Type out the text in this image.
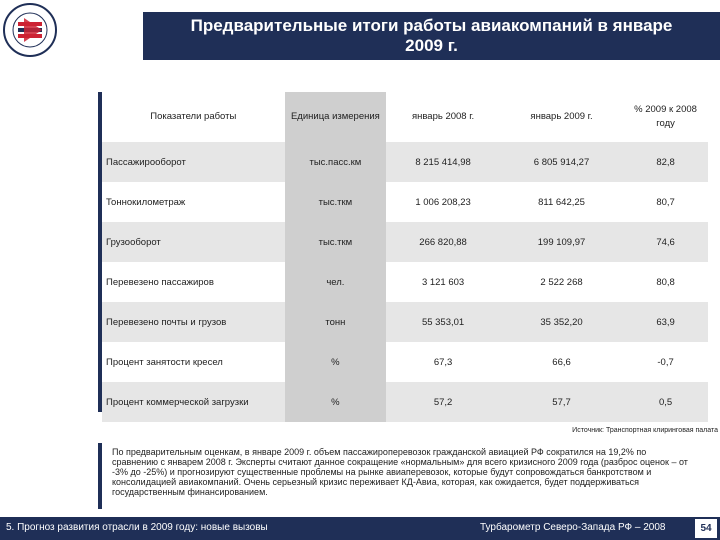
Предварительные итоги работы авиакомпаний в январе 2009 г.
Показатели работы	Единица измерения	январь 2008 г.	январь 2009 г.	% 2009 к 2008 году
Пассажирооборот	тыс.пасс.км	8 215 414,98	6 805 914,27	82,8
Тоннокилометраж	тыс.ткм	1 006 208,23	811 642,25	80,7
Грузооборот	тыс.ткм	266 820,88	199 109,97	74,6
Перевезено пассажиров	чел.	3 121 603	2 522 268	80,8
Перевезено почты и грузов	тонн	55 353,01	35 352,20	63,9
Процент занятости кресел	%	67,3	66,6	-0,7
Процент коммерческой загрузки	%	57,2	57,7	0,5
Источник: Транспортная клиринговая палата

По предварительным оценкам, в январе 2009 г. объем пассажироперевозок гражданской авиацией РФ сократился на 19,2% по сравнению с январем 2008 г. Эксперты считают данное сокращение «нормальным» для всего кризисного 2009 года (разброс оценок – от -3% до -25%) и прогнозируют существенные проблемы на рынке авиаперевозок, которые будут сопровождаться банкротством и консолидацией авиакомпаний. Очень серьезный кризис переживает КД-Авиа, которая, как ожидается, будет поддерживаться государственным финансированием.

5. Прогноз развития отрасли в 2009 году: новые вызовы	Турбарометр Северо-Запада РФ – 2008	54
